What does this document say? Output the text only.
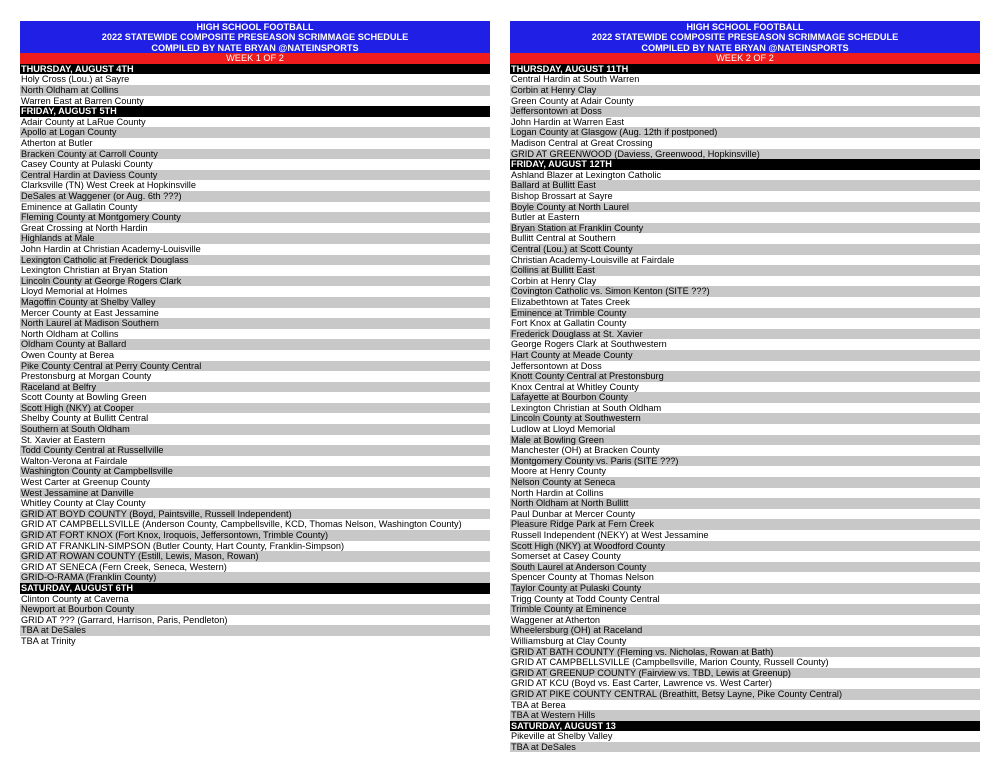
HIGH SCHOOL FOOTBALL
2022 STATEWIDE COMPOSITE PRESEASON SCRIMMAGE SCHEDULE
COMPILED BY NATE BRYAN @NATEINSPORTS
WEEK 1 OF 2
THURSDAY, AUGUST 4TH
Holy Cross (Lou.) at Sayre
North Oldham at Collins
Warren East at Barren County
FRIDAY, AUGUST 5TH
Adair County at LaRue County
Apollo at Logan County
Atherton at Butler
Bracken County at Carroll County
Casey County at Pulaski County
Central Hardin at Daviess County
Clarksville (TN) West Creek at Hopkinsville
DeSales at Waggener (or Aug. 6th ???)
Eminence at Gallatin County
Fleming County at Montgomery County
Great Crossing at North Hardin
Highlands at Male
John Hardin at Christian Academy-Louisville
Lexington Catholic at Frederick Douglass
Lexington Christian at Bryan Station
Lincoln County at George Rogers Clark
Lloyd Memorial at Holmes
Magoffin County at Shelby Valley
Mercer County at East Jessamine
North Laurel at Madison Southern
North Oldham at Collins
Oldham County at Ballard
Owen County at Berea
Pike County Central at Perry County Central
Prestonsburg at Morgan County
Raceland at Belfry
Scott County at Bowling Green
Scott High (NKY) at Cooper
Shelby County at Bullitt Central
Southern at South Oldham
St. Xavier at Eastern
Todd County Central at Russellville
Walton-Verona at Fairdale
Washington County at Campbellsville
West Carter at Greenup County
West Jessamine at Danville
Whitley County at Clay County
GRID AT BOYD COUNTY (Boyd, Paintsville, Russell Independent)
GRID AT CAMPBELLSVILLE (Anderson County, Campbellsville, KCD, Thomas Nelson, Washington County)
GRID AT FORT KNOX (Fort Knox, Iroquois, Jeffersontown, Trimble County)
GRID AT FRANKLIN-SIMPSON (Butler County, Hart County, Franklin-Simpson)
GRID AT ROWAN COUNTY (Estill, Lewis, Mason, Rowan)
GRID AT SENECA (Fern Creek, Seneca, Western)
GRID-O-RAMA (Franklin County)
SATURDAY, AUGUST 6TH
Clinton County at Caverna
Newport at Bourbon County
GRID AT ??? (Garrard, Harrison, Paris, Pendleton)
TBA at DeSales
TBA at Trinity
HIGH SCHOOL FOOTBALL
2022 STATEWIDE COMPOSITE PRESEASON SCRIMMAGE SCHEDULE
COMPILED BY NATE BRYAN @NATEINSPORTS
WEEK 2 OF 2
THURSDAY, AUGUST 11TH
Central Hardin at South Warren
Corbin at Henry Clay
Green County at Adair County
Jeffersontown at Doss
John Hardin at Warren East
Logan County at Glasgow (Aug. 12th if postponed)
Madison Central at Great Crossing
GRID AT GREENWOOD (Daviess, Greenwood, Hopkinsville)
FRIDAY, AUGUST 12TH
Ashland Blazer at Lexington Catholic
Ballard at Bullitt East
Bishop Brossart at Sayre
Boyle County at North Laurel
Butler at Eastern
Bryan Station at Franklin County
Bullitt Central at Southern
Central (Lou.) at Scott County
Christian Academy-Louisville at Fairdale
Collins at Bullitt East
Corbin at Henry Clay
Covington Catholic vs. Simon Kenton (SITE ???)
Elizabethtown at Tates Creek
Eminence at Trimble County
Fort Knox at Gallatin County
Frederick Douglass at St. Xavier
George Rogers Clark at Southwestern
Hart County at Meade County
Jeffersontown at Doss
Knott County Central at Prestonsburg
Knox Central at Whitley County
Lafayette at Bourbon County
Lexington Christian at South Oldham
Lincoln County at Southwestern
Ludlow at Lloyd Memorial
Male at Bowling Green
Manchester (OH) at Bracken County
Montgomery County vs. Paris (SITE ???)
Moore at Henry County
Nelson County at Seneca
North Hardin at Collins
North Oldham at North Bullitt
Paul Dunbar at Mercer County
Pleasure Ridge Park at Fern Creek
Russell Independent (NEKY) at West Jessamine
Scott High (NKY) at Woodford County
Somerset at Casey County
South Laurel at Anderson County
Spencer County at Thomas Nelson
Taylor County at Pulaski County
Trigg County at Todd County Central
Trimble County at Eminence
Waggener at Atherton
Wheelersburg (OH) at Raceland
Williamsburg at Clay County
GRID AT BATH COUNTY (Fleming vs. Nicholas, Rowan at Bath)
GRID AT CAMPBELLSVILLE (Campbellsville, Marion County, Russell County)
GRID AT GREENUP COUNTY (Fairview vs. TBD, Lewis at Greenup)
GRID AT KCU (Boyd vs. East Carter, Lawrence vs. West Carter)
GRID AT PIKE COUNTY CENTRAL (Breathitt, Betsy Layne, Pike County Central)
TBA at Berea
TBA at Western Hills
SATURDAY, AUGUST 13
Pikeville at Shelby Valley
TBA at DeSales
